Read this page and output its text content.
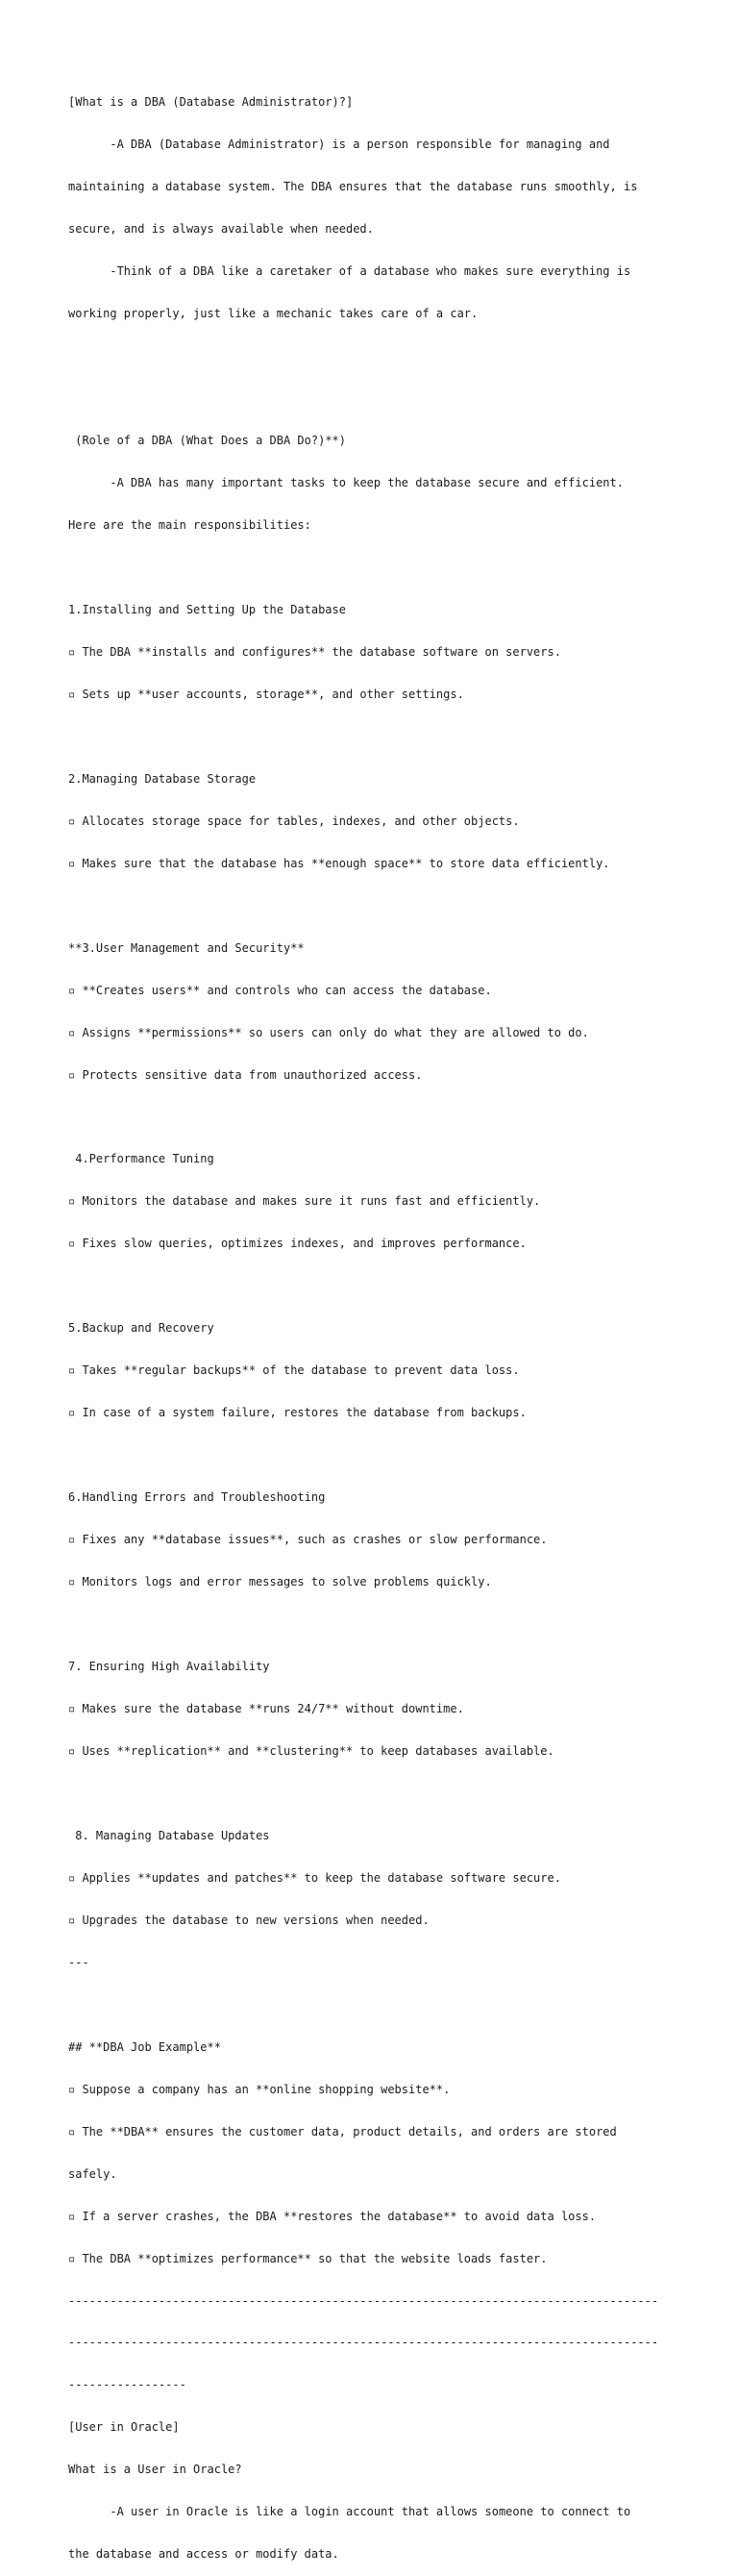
[What is a DBA (Database Administrator)?]

-A DBA (Database Administrator) is a person responsible for managing and

maintaining a database system. The DBA ensures that the database runs smoothly, is

secure, and is always available when needed.

-Think of a DBA like a caretaker of a database who makes sure everything is

working properly, just like a mechanic takes care of a car.

(Role of a DBA (What Does a DBA Do?)**)

-A DBA has many important tasks to keep the database secure and efficient.

Here are the main responsibilities:

1.Installing and Setting Up the Database

▫ The DBA **installs and configures** the database software on servers.

▫ Sets up **user accounts, storage**, and other settings.

2.Managing Database Storage

▫ Allocates storage space for tables, indexes, and other objects.

▫ Makes sure that the database has **enough space** to store data efficiently.

**3.User Management and Security**

▫ **Creates users** and controls who can access the database.

▫ Assigns **permissions** so users can only do what they are allowed to do.

▫ Protects sensitive data from unauthorized access.

4.Performance Tuning

▫ Monitors the database and makes sure it runs fast and efficiently.

▫ Fixes slow queries, optimizes indexes, and improves performance.

5.Backup and Recovery

▫ Takes **regular backups** of the database to prevent data loss.

▫ In case of a system failure, restores the database from backups.

6.Handling Errors and Troubleshooting

▫ Fixes any **database issues**, such as crashes or slow performance.

▫ Monitors logs and error messages to solve problems quickly.

7. Ensuring High Availability

▫ Makes sure the database **runs 24/7** without downtime.

▫ Uses **replication** and **clustering** to keep databases available.

8. Managing Database Updates

▫ Applies **updates and patches** to keep the database software secure.

▫ Upgrades the database to new versions when needed.

---

## **DBA Job Example**

▫ Suppose a company has an **online shopping website**.

▫ The **DBA** ensures the customer data, product details, and orders are stored

safely.

▫ If a server crashes, the DBA **restores the database** to avoid data loss.

▫ The DBA **optimizes performance** so that the website loads faster.

-------------------------------------------------------------------------------------

-------------------------------------------------------------------------------------

-----------------

[User in Oracle]

What is a User in Oracle?

-A user in Oracle is like a login account that allows someone to connect to

the database and access or modify data.
